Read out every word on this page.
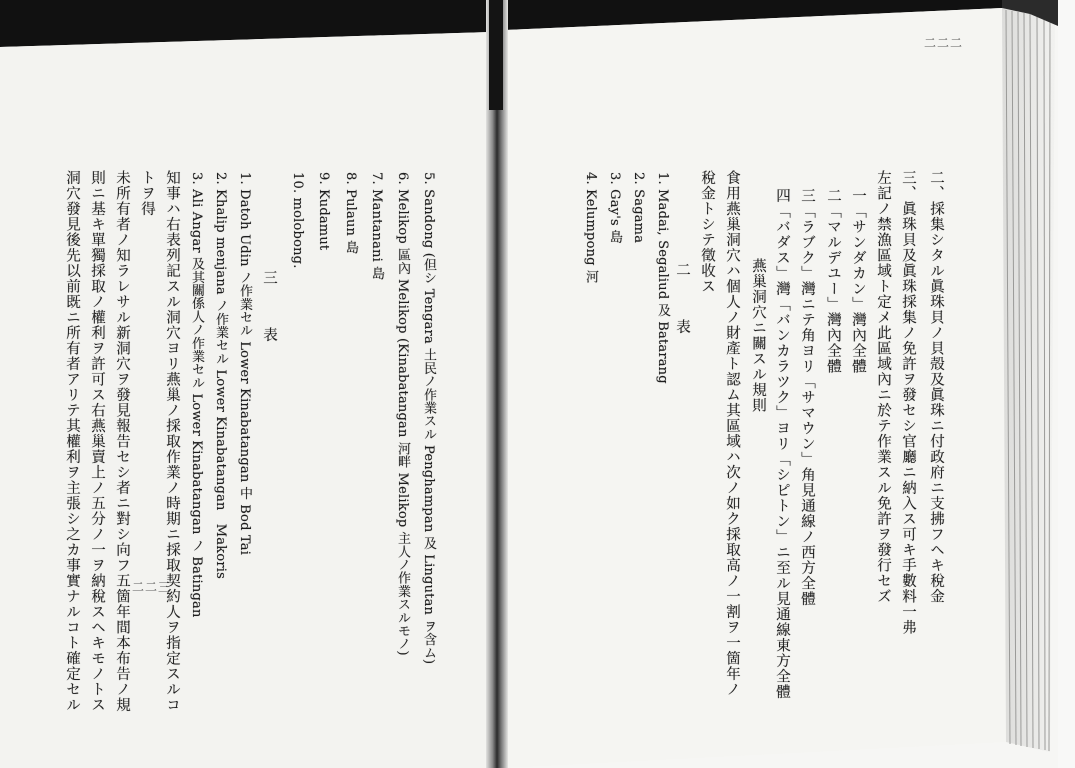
二二二
二、採集シタル眞珠貝ノ貝殻及眞珠ニ付政府ニ支拂フヘキ稅金
三、眞珠貝及眞珠採集ノ免許ヲ發セシ官廳ニ納入ス可キ手數料一弗
左記ノ禁漁區域ト定メ此區域內ニ於テ作業スル免許ヲ發行セズ
一「サンダカン」灣內全體
二「マルデユー」灣內全體
三「ラブク」灣ニテ角ヨリ「サマウン」角見通線ノ西方全體
四「バダス」灣「バンカラツク」ヨリ「シピトン」ニ至ル見通線東方全體
燕巢洞穴ニ關スル規則
食用燕巢洞穴ハ個人ノ財產ト認ム其區域ハ次ノ如ク採取高ノ一割ヲ一箇年ノ
稅金トシテ徵收ス
二　表
1. Madai, Segaliud 及 Batarang
2. Sagama
3. Gay's 島
4. Kelumpong 河
5. Sandong (但シ Tengara 土民ノ作業スル Penghampan 及 Lingutan ヲ含ム)
6. Melikop 區內 Melikop (Kinabatangan 河畔 Melikop 主人ノ作業スルモノ)
7. Mantanani 島
8. Pulaun 島
9. Kudamut
10. molobong.
三　表
1. Datoh Udin ノ作業セル Lower Kinabatangan 中 Bod Tai
2. Khalip menjana ノ作業セル Lower Kinabatangan　Makoris
3. Ali Angar 及其關係人ノ作業セル Lower Kinabatangan ノ Batingan
知事ハ右表列記スル洞穴ヨリ燕巢ノ採取作業ノ時期ニ採取契約人ヲ指定スルコ
トヲ得
未所有者ノ知ラレサル新洞穴ヲ發見報告セシ者ニ對シ向フ五箇年間本布告ノ規
則ニ基キ單獨採取ノ權利ヲ許可ス右燕巢賣上ノ五分ノ一ヲ納稅スヘキモノトス
洞穴發見後先以前既ニ所有者アリテ其權利ヲ主張シ之カ事實ナルコト確定セル	二二三
